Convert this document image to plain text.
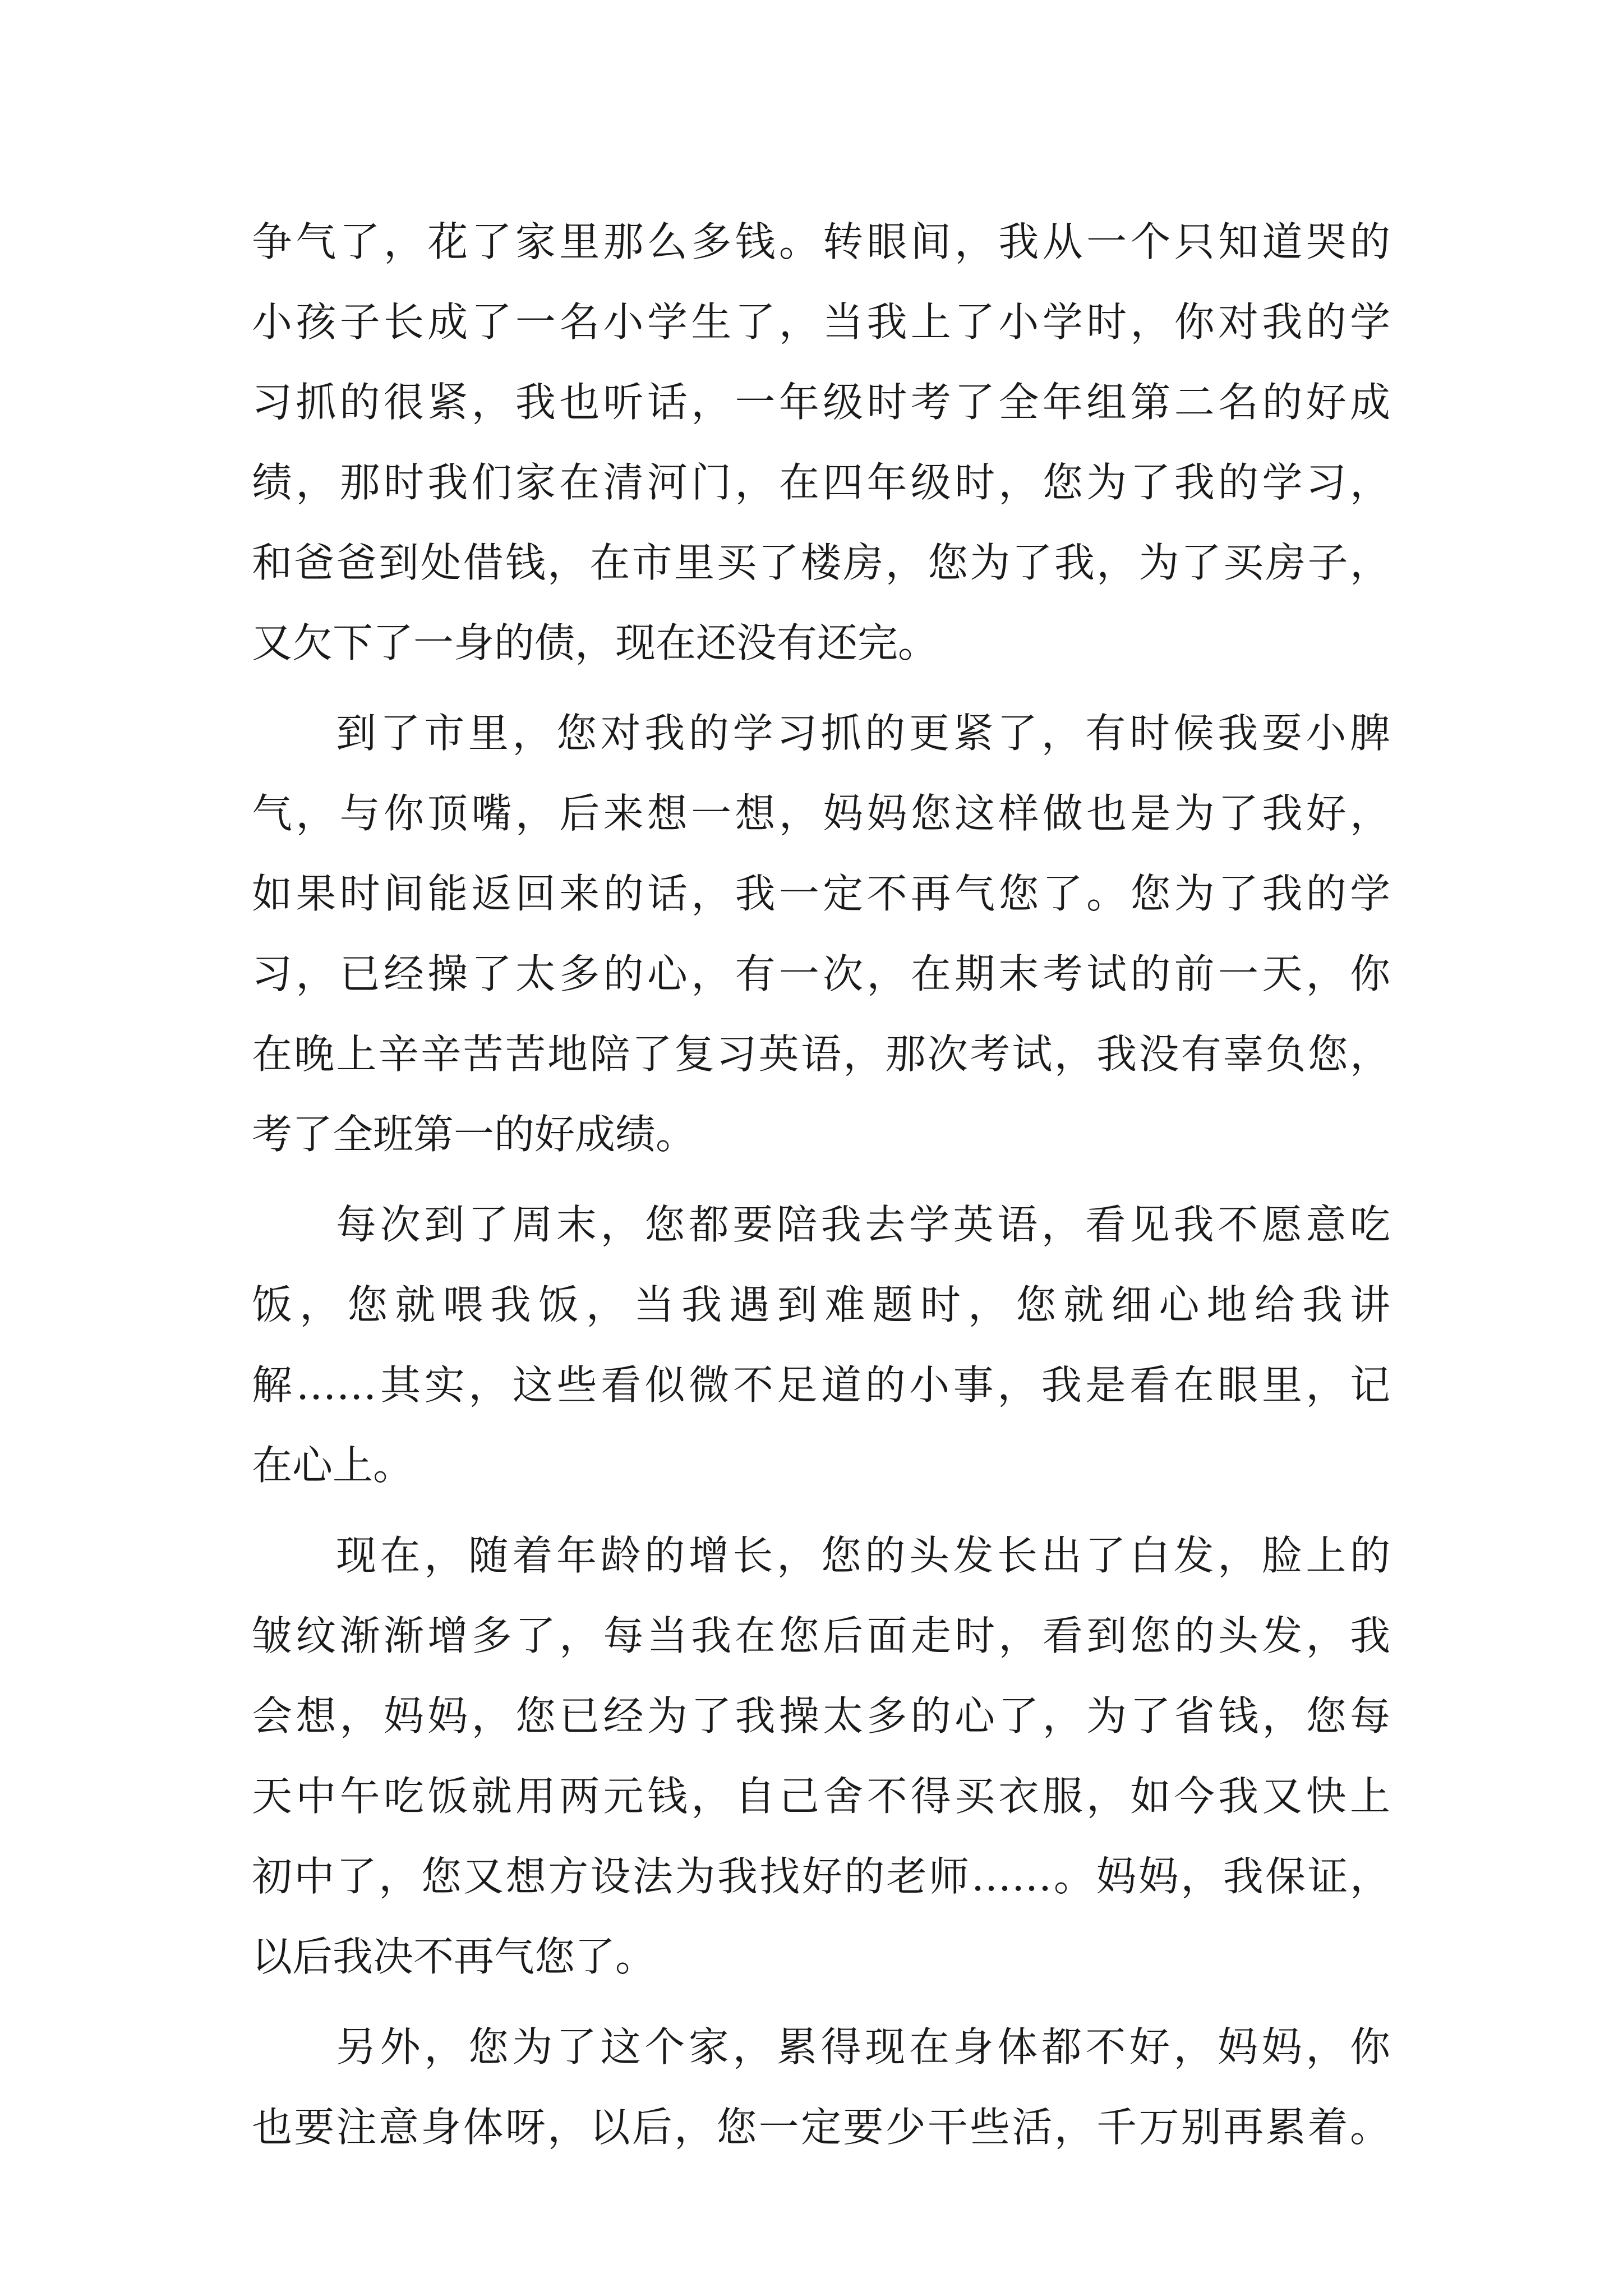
争气了，花了家里那么多钱。转眼间，我从一个只知道哭的
小孩子长成了一名小学生了，当我上了小学时，你对我的学
习抓的很紧，我也听话，一年级时考了全年组第二名的好成
绩，那时我们家在清河门，在四年级时，您为了我的学习，
和爸爸到处借钱，在市里买了楼房，您为了我，为了买房子，
又欠下了一身的债，现在还没有还完。
到了市里，您对我的学习抓的更紧了，有时候我耍小脾
气，与你顶嘴，后来想一想，妈妈您这样做也是为了我好，
如果时间能返回来的话，我一定不再气您了。您为了我的学
习，已经操了太多的心，有一次，在期末考试的前一天，你
在晚上辛辛苦苦地陪了复习英语，那次考试，我没有辜负您，
考了全班第一的好成绩。
每次到了周末，您都要陪我去学英语，看见我不愿意吃
饭，您就喂我饭，当我遇到难题时，您就细心地给我讲
解……其实，这些看似微不足道的小事，我是看在眼里，记
在心上。
现在，随着年龄的增长，您的头发长出了白发，脸上的
皱纹渐渐增多了，每当我在您后面走时，看到您的头发，我
会想，妈妈，您已经为了我操太多的心了，为了省钱，您每
天中午吃饭就用两元钱，自己舍不得买衣服，如今我又快上
初中了，您又想方设法为我找好的老师……。妈妈，我保证，
以后我决不再气您了。
另外，您为了这个家，累得现在身体都不好，妈妈，你
也要注意身体呀，以后，您一定要少干些活，千万别再累着。
